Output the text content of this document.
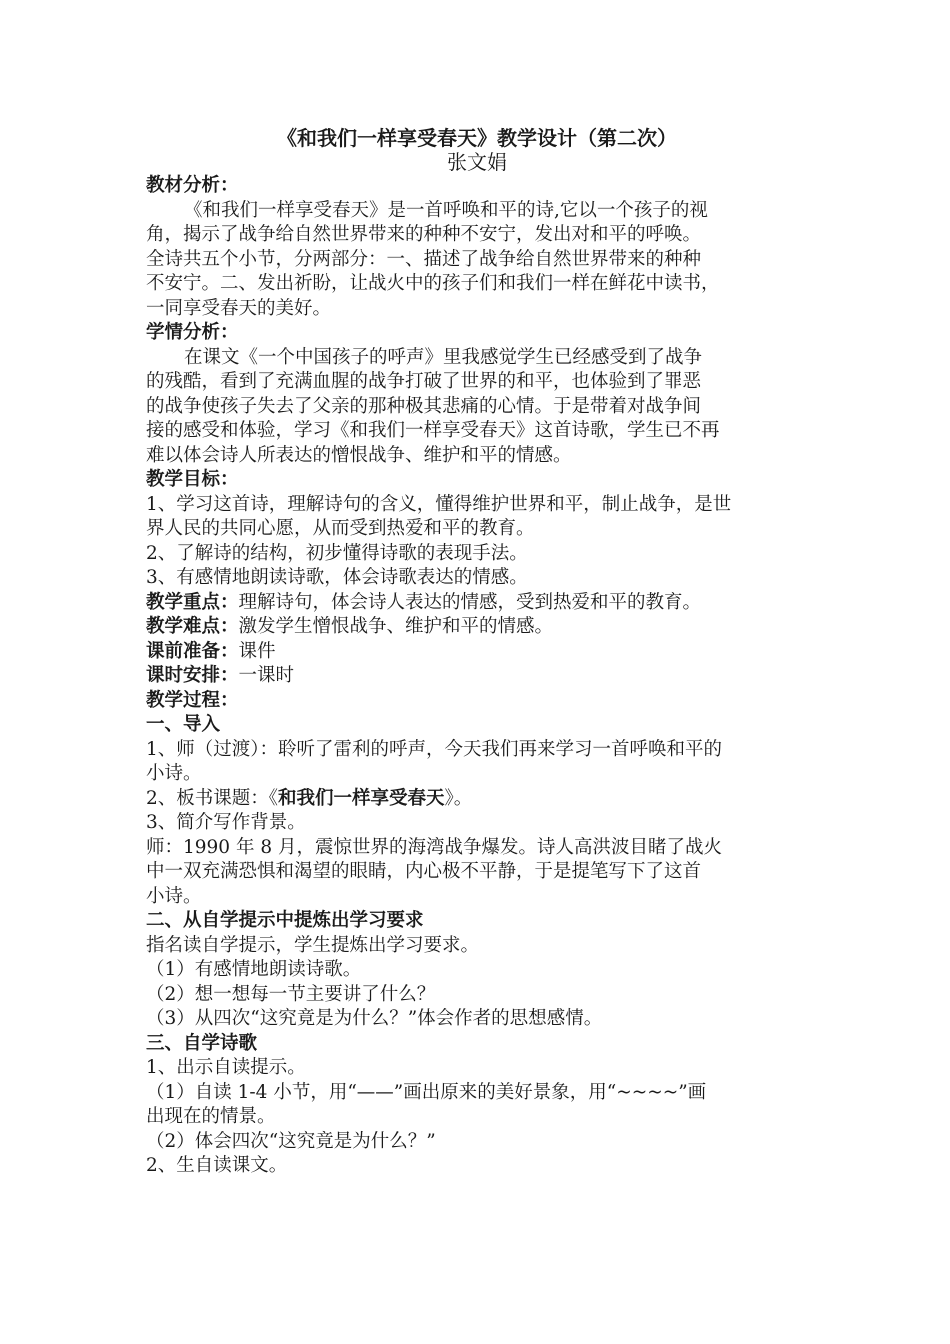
《和我们一样享受春天》教学设计（第二次）

张文娟

教材分析：

《和我们一样享受春天》是一首呼唤和平的诗,它以一个孩子的视

角，揭示了战争给自然世界带来的种种不安宁，发出对和平的呼唤。

全诗共五个小节，分两部分：一、描述了战争给自然世界带来的种种

不安宁。二、发出祈盼，让战火中的孩子们和我们一样在鲜花中读书，

一同享受春天的美好。

学情分析：

在课文《一个中国孩子的呼声》里我感觉学生已经感受到了战争

的残酷，看到了充满血腥的战争打破了世界的和平，也体验到了罪恶

的战争使孩子失去了父亲的那种极其悲痛的心情。于是带着对战争间

接的感受和体验，学习《和我们一样享受春天》这首诗歌，学生已不再

难以体会诗人所表达的憎恨战争、维护和平的情感。

教学目标：

1、学习这首诗，理解诗句的含义，懂得维护世界和平，制止战争，是世

界人民的共同心愿，从而受到热爱和平的教育。

2、了解诗的结构，初步懂得诗歌的表现手法。

3、有感情地朗读诗歌，体会诗歌表达的情感。

教学重点：理解诗句，体会诗人表达的情感，受到热爱和平的教育。

教学难点：激发学生憎恨战争、维护和平的情感。

课前准备：课件

课时安排：一课时

教学过程：

一、导入

1、师（过渡）：聆听了雷利的呼声，今天我们再来学习一首呼唤和平的

小诗。

2、板书课题：《和我们一样享受春天》。

3、简介写作背景。

师：1990 年 8 月，震惊世界的海湾战争爆发。诗人高洪波目睹了战火

中一双充满恐惧和渴望的眼睛，内心极不平静，于是提笔写下了这首

小诗。

二、从自学提示中提炼出学习要求

指名读自学提示，学生提炼出学习要求。

（1）有感情地朗读诗歌。

（2）想一想每一节主要讲了什么？

（3）从四次“这究竟是为什么？”体会作者的思想感情。

三、自学诗歌

1、出示自读提示。

（1）自读 1-4 小节，用“——”画出原来的美好景象，用“~~~~”画

出现在的情景。

（2）体会四次“这究竟是为什么？”

2、生自读课文。
